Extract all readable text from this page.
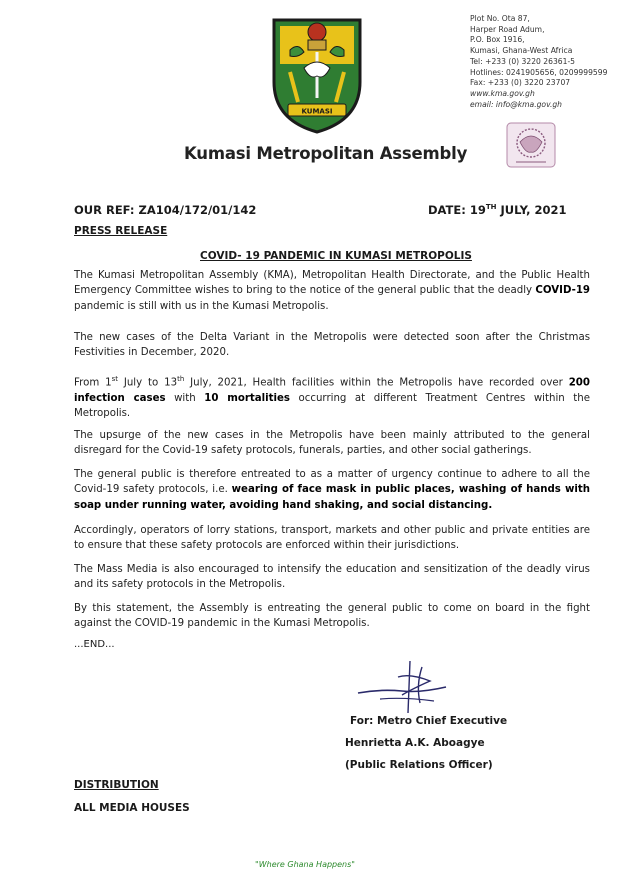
KUMASI
Kumasi Metropolitan Assembly
Plot No. Ota 87,
Harper Road Adum,
P.O. Box 1916,
Kumasi, Ghana-West Africa
Tel: +233 (0) 3220 26361-5
Hotlines: 0241905656, 0209999599
Fax: +233 (0) 3220 23707
www.kma.gov.gh
email: info@kma.gov.gh
OUR REF: ZA104/172/01/142	DATE: 19TH JULY, 2021
PRESS RELEASE
COVID- 19 PANDEMIC IN KUMASI METROPOLIS
The Kumasi Metropolitan Assembly (KMA), Metropolitan Health Directorate, and the Public Health Emergency Committee wishes to bring to the notice of the general public that the deadly COVID-19 pandemic is still with us in the Kumasi Metropolis.
The new cases of the Delta Variant in the Metropolis were detected soon after the Christmas Festivities in December, 2020.
From 1st July to 13th July, 2021, Health facilities within the Metropolis have recorded over 200 infection cases with 10 mortalities occurring at different Treatment Centres within the Metropolis.
The upsurge of the new cases in the Metropolis have been mainly attributed to the general disregard for the Covid-19 safety protocols, funerals, parties, and other social gatherings.
The general public is therefore entreated to as a matter of urgency continue to adhere to all the Covid-19 safety protocols, i.e. wearing of face mask in public places, washing of hands with soap under running water, avoiding hand shaking, and social distancing.
Accordingly, operators of lorry stations, transport, markets and other public and private entities are to ensure that these safety protocols are enforced within their jurisdictions.
The Mass Media is also encouraged to intensify the education and sensitization of the deadly virus and its safety protocols in the Metropolis.
By this statement, the Assembly is entreating the general public to come on board in the fight against the COVID-19 pandemic in the Kumasi Metropolis.
...END...
For: Metro Chief Executive
Henrietta A.K. Aboagye
(Public Relations Officer)
DISTRIBUTION
ALL MEDIA HOUSES
"Where Ghana Happens"
